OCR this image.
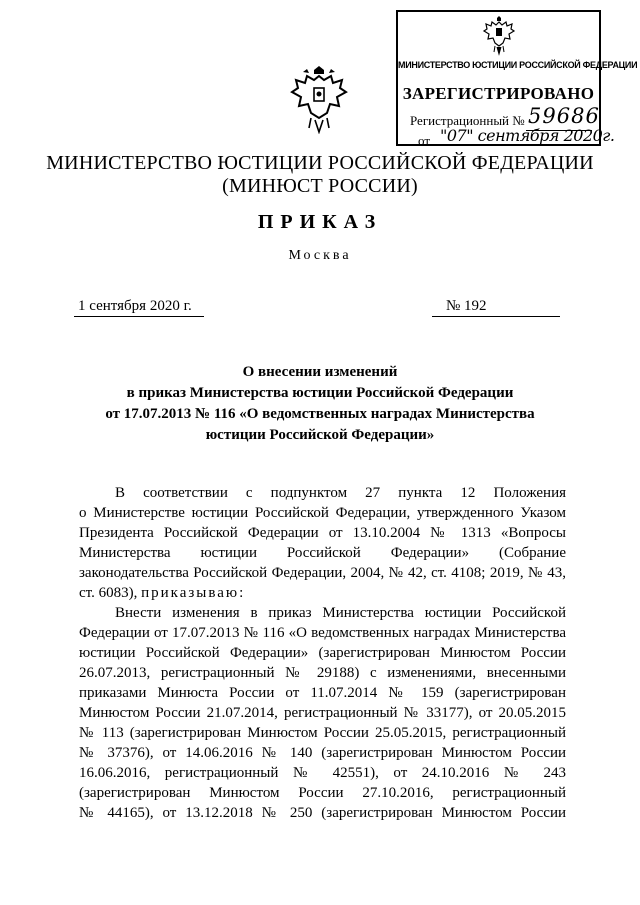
МИНИСТЕРСТВО ЮСТИЦИИ РОССИЙСКОЙ ФЕДЕРАЦИИ
ЗАРЕГИСТРИРОВАНО
Регистрационный № 59686
от "07" сентября 2020г.
МИНИСТЕРСТВО ЮСТИЦИИ РОССИЙСКОЙ ФЕДЕРАЦИИ
(МИНЮСТ РОССИИ)
ПРИКАЗ
Москва
1 сентября 2020 г.	№ 192
О внесении изменений
в приказ Министерства юстиции Российской Федерации
от 17.07.2013 № 116 «О ведомственных наградах Министерства
юстиции Российской Федерации»
В соответствии с подпунктом 27 пункта 12 Положения
о Министерстве юстиции Российской Федерации, утвержденного Указом
Президента Российской Федерации от 13.10.2004 № 1313 «Вопросы
Министерства юстиции Российской Федерации» (Собрание
законодательства Российской Федерации, 2004, № 42, ст. 4108; 2019, № 43,
ст. 6083), приказываю:
Внести изменения в приказ Министерства юстиции Российской
Федерации от 17.07.2013 № 116 «О ведомственных наградах Министерства
юстиции Российской Федерации» (зарегистрирован Минюстом России
26.07.2013, регистрационный № 29188) с изменениями, внесенными
приказами Минюста России от 11.07.2014 № 159 (зарегистрирован
Минюстом России 21.07.2014, регистрационный № 33177), от 20.05.2015
№ 113 (зарегистрирован Минюстом России 25.05.2015, регистрационный
№ 37376), от 14.06.2016 № 140 (зарегистрирован Минюстом России
16.06.2016, регистрационный № 42551), от 24.10.2016 № 243
(зарегистрирован Минюстом России 27.10.2016, регистрационный
№ 44165), от 13.12.2018 № 250 (зарегистрирован Минюстом России
